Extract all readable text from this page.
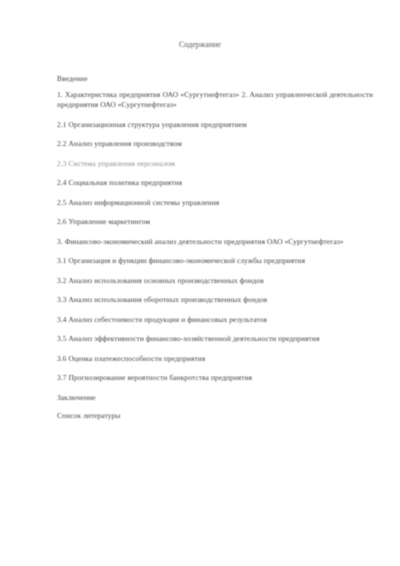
Содержание
Введение
1. Характеристика предприятия ОАО «Сургутнефтегаз» 2. Анализ управленческой деятельности предприятия ОАО «Сургутнефтегаз»
2.1 Организационная структура управления предприятием
2.2 Анализ управления производством
2.3 Система управления персоналом
2.4 Социальная политика предприятия
2.5 Анализ информационной системы управления
2.6 Управление маркетингом
3. Финансово-экономический анализ деятельности предприятия ОАО «Сургутнефтегаз»
3.1 Организация и функции финансово-экономической службы предприятия
3.2 Анализ использования основных производственных фондов
3.3 Анализ использования оборотных производственных фондов
3.4 Анализ себестоимости продукции и финансовых результатов
3.5 Анализ эффективности финансово-хозяйственной деятельности предприятия
3.6 Оценка платежеспособности предприятия
3.7 Прогнозирование вероятности банкротства предприятия
Заключение
Список литературы
